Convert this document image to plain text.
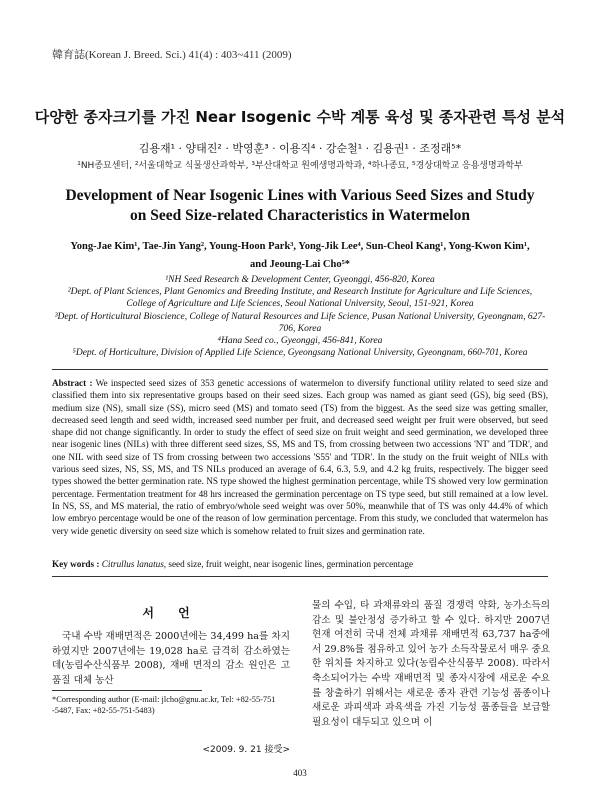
韓育誌(Korean J. Breed. Sci.) 41(4) : 403~411 (2009)
다양한 종자크기를 가진 Near Isogenic 수박 계통 육성 및 종자관련 특성 분석
김용재¹ · 양태진² · 박영훈³ · 이용직⁴ · 강순철¹ · 김용권¹ · 조정래⁵*
¹NH종묘센터, ²서울대학교 식물생산과학부, ³부산대학교 원예생명과학과, ⁴하나종묘, ⁵경상대학교 응용생명과학부
Development of Near Isogenic Lines with Various Seed Sizes and Study
on Seed Size-related Characteristics in Watermelon
Yong-Jae Kim¹, Tae-Jin Yang², Young-Hoon Park³, Yong-Jik Lee⁴, Sun-Cheol Kang¹, Yong-Kwon Kim¹,
and Jeoung-Lai Cho⁵*

¹NH Seed Research & Development Center, Gyeonggi, 456-820, Korea

²Dept. of Plant Sciences, Plant Genomics and Breeding Institute, and Research Institute for Agriculture and Life Sciences, College of Agriculture and Life Sciences, Seoul National University, Seoul, 151-921, Korea

³Dept. of Horticultural Bioscience, College of Natural Resources and Life Science, Pusan National University, Gyeongnam, 627-706, Korea

⁴Hana Seed co., Gyeonggi, 456-841, Korea

⁵Dept. of Horticulture, Division of Applied Life Science, Gyeongsang National University, Gyeongnam, 660-701, Korea

Abstract : We inspected seed sizes of 353 genetic accessions of watermelon to diversify functional utility related to seed size and classified them into six representative groups based on their seed sizes. Each group was named as giant seed (GS), big seed (BS), medium size (NS), small size (SS), micro seed (MS) and tomato seed (TS) from the biggest. As the seed size was getting smaller, decreased seed length and seed width, increased seed number per fruit, and decreased seed weight per fruit were observed, but seed shape did not change significantly. In order to study the effect of seed size on fruit weight and seed germination, we developed three near isogenic lines (NILs) with three different seed sizes, SS, MS and TS, from crossing between two accessions 'NT' and 'TDR', and one NIL with seed size of TS from crossing between two accessions 'S55' and 'TDR'. In the study on the fruit weight of NILs with various seed sizes, NS, SS, MS, and TS NILs produced an average of 6.4, 6.3, 5.9, and 4.2 kg fruits, respectively. The bigger seed types showed the better germination rate. NS type showed the highest germination percentage, while TS showed very low germination percentage. Fermentation treatment for 48 hrs increased the germination percentage on TS type seed, but still remained at a low level. In NS, SS, and MS material, the ratio of embryo/whole seed weight was over 50%, meanwhile that of TS was only 44.4% of which low embryo percentage would be one of the reason of low germination percentage. From this study, we concluded that watermelon has very wide genetic diversity on seed size which is somehow related to fruit sizes and germination rate.
Key words : Citrullus lanatus, seed size, fruit weight, near isogenic lines, germination percentage
서 언

국내 수박 재배면적은 2000년에는 34,499 ha를 차지하였지만 2007년에는 19,028 ha로 급격히 감소하였는데(농림수산식품부 2008), 재배 면적의 감소 원인은 고품질 대체 농산

물의 수입, 타 과채류와의 품질 경쟁력 약화, 농가소득의 감소 및 불안정성 증가하고 할 수 있다. 하지만 2007년 현재 여전히 국내 전체 과채류 재배면적 63,737 ha중에서 29.8%를 점유하고 있어 농가 소득작물로서 매우 중요한 위치를 차지하고 있다(농림수산식품부 2008). 따라서 축소되어가는 수박 재배면적 및 종자시장에 새로운 수요를 창출하기 위해서는 새로운 종자 관련 기능성 품종이나 새로운 과피색과 과육색을 가진 기능성 품종들을 보급할 필요성이 대두되고 있으며 이

*Corresponding author (E-mail: jlcho@gnu.ac.kr, Tel: +82-55-751
-5487, Fax: +82-55-751-5483)
<2009. 9. 21 接受>
403
